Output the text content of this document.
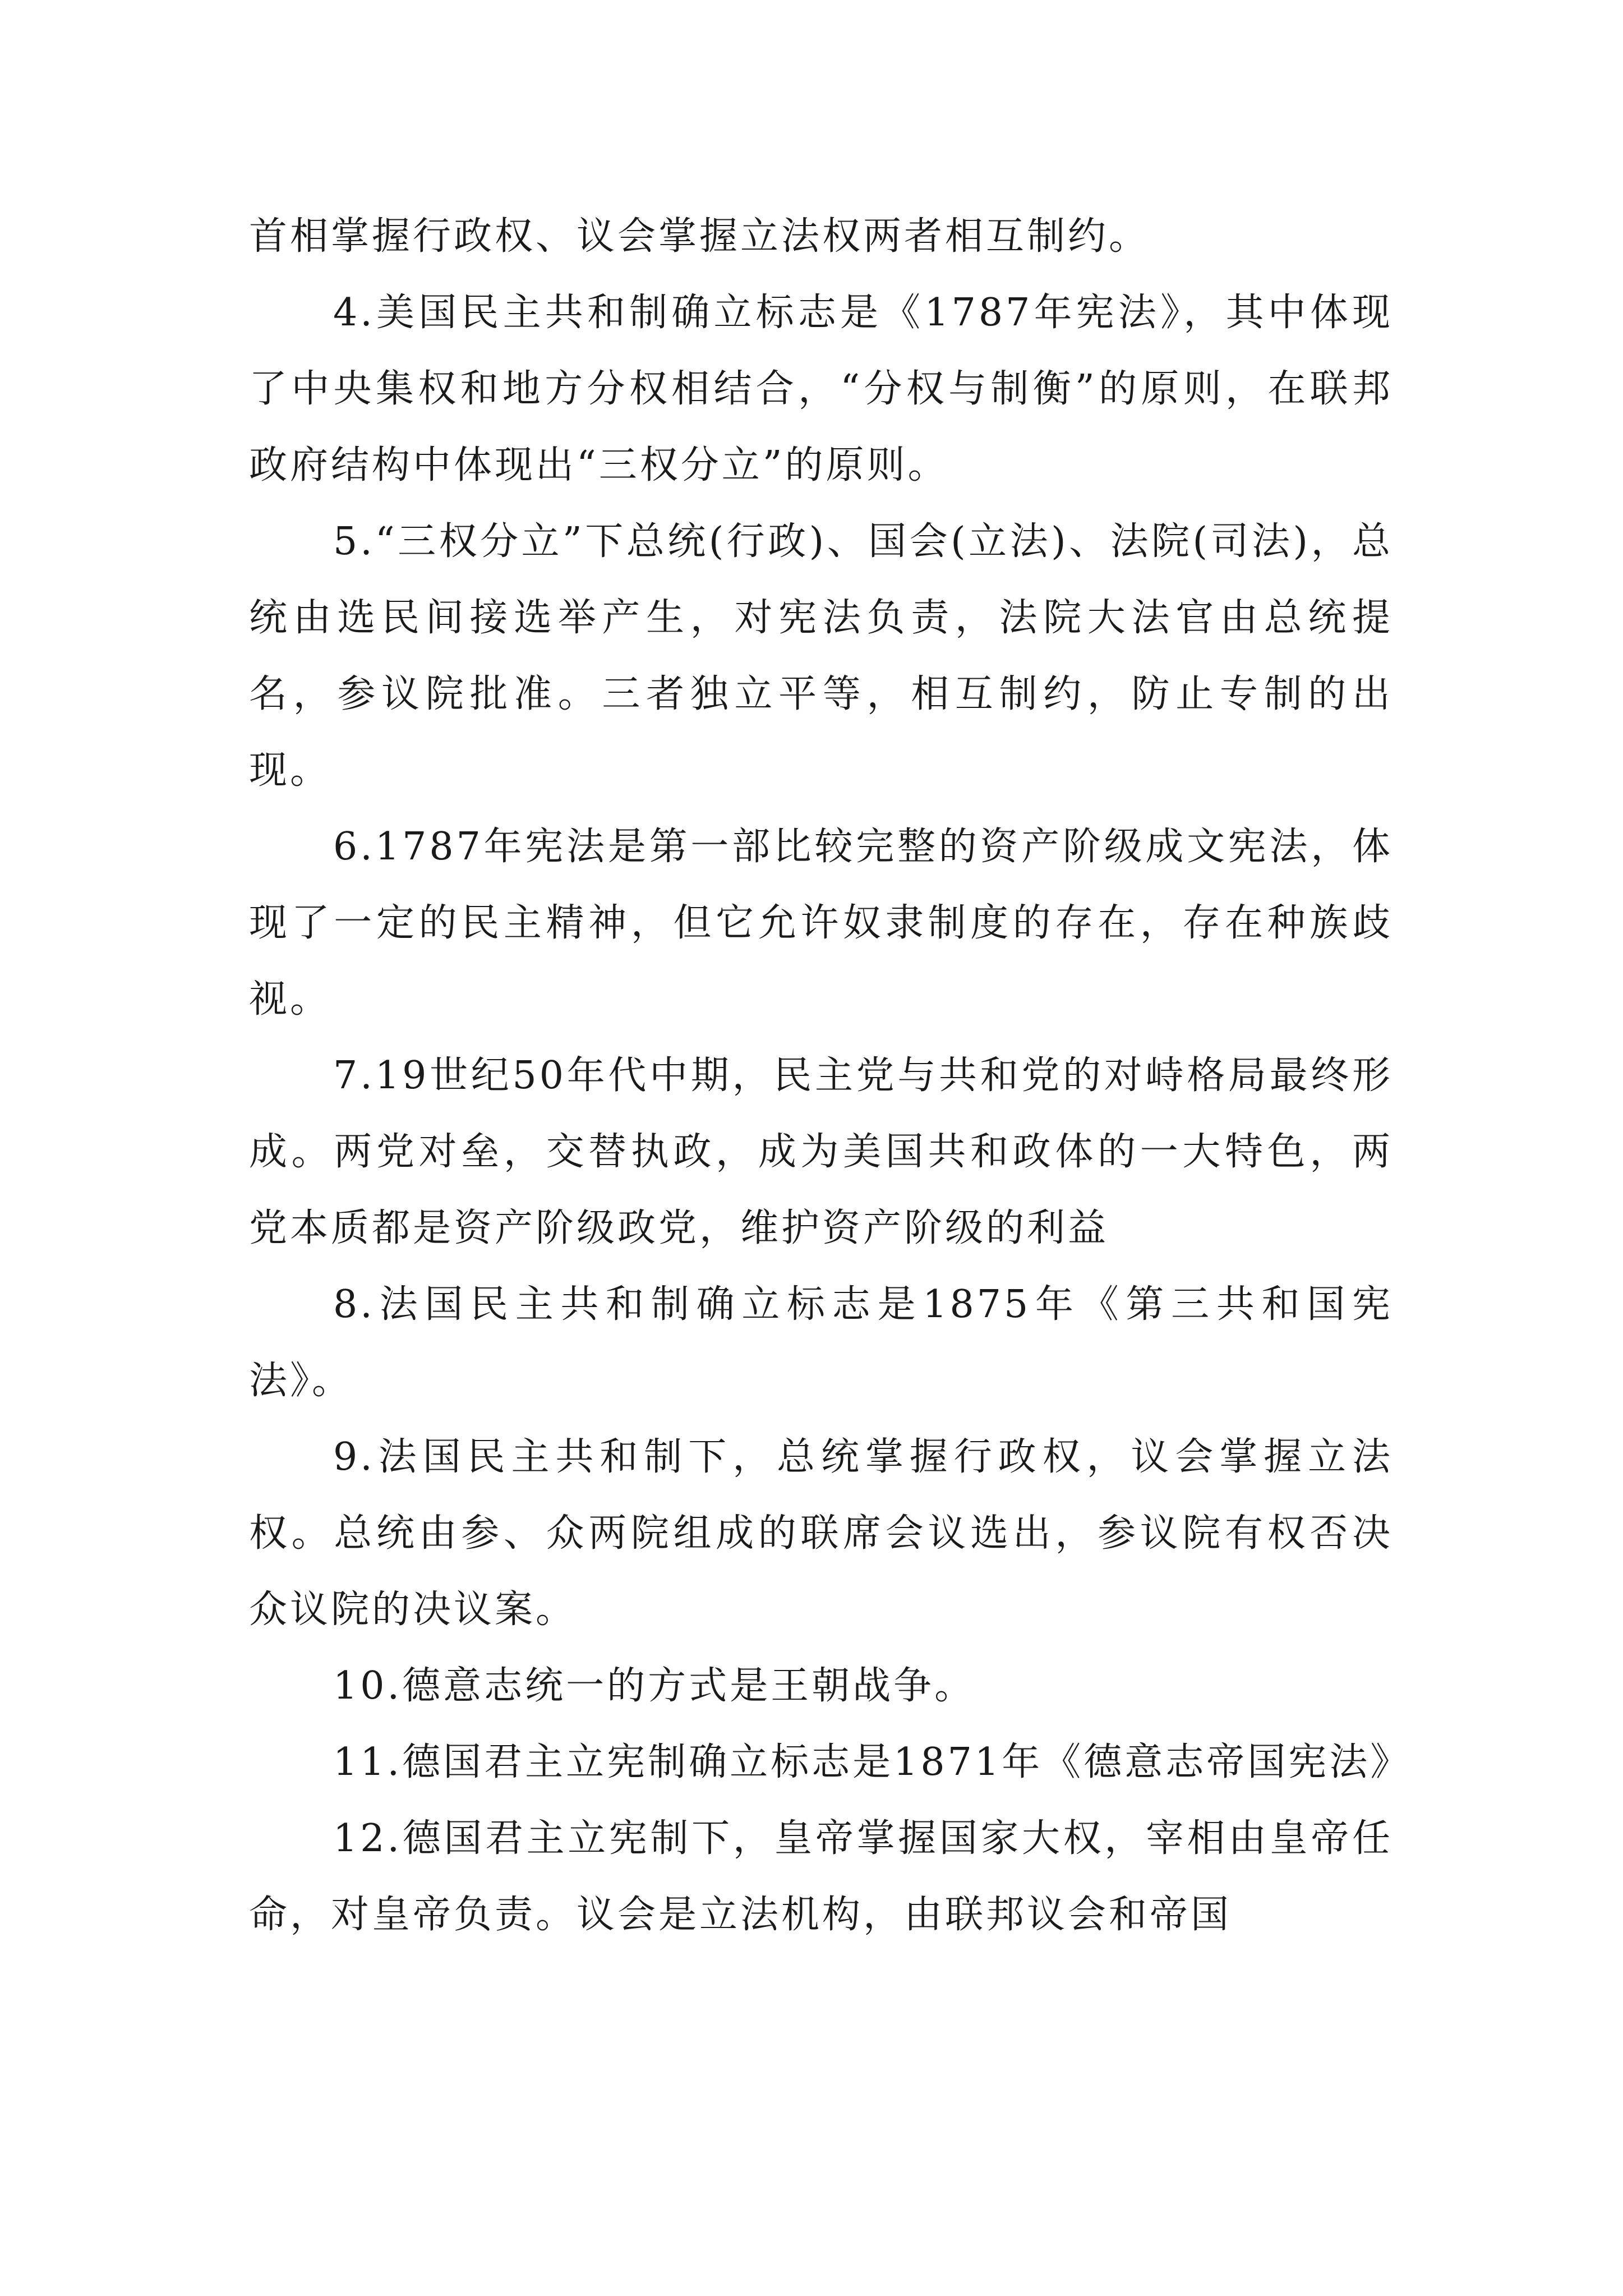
首相掌握行政权、议会掌握立法权两者相互制约。

4.美国民主共和制确立标志是《1787年宪法》，其中体现了中央集权和地方分权相结合，“分权与制衡”的原则，在联邦政府结构中体现出“三权分立”的原则。

5.“三权分立”下总统(行政)、国会(立法)、法院(司法)，总统由选民间接选举产生，对宪法负责，法院大法官由总统提名，参议院批准。三者独立平等，相互制约，防止专制的出现。

6.1787年宪法是第一部比较完整的资产阶级成文宪法，体现了一定的民主精神，但它允许奴隶制度的存在，存在种族歧视。

7.19世纪50年代中期，民主党与共和党的对峙格局最终形成。两党对垒，交替执政，成为美国共和政体的一大特色，两党本质都是资产阶级政党，维护资产阶级的利益

8.法国民主共和制确立标志是1875年《第三共和国宪法》。

9.法国民主共和制下，总统掌握行政权，议会掌握立法权。总统由参、众两院组成的联席会议选出，参议院有权否决众议院的决议案。

10.德意志统一的方式是王朝战争。

11.德国君主立宪制确立标志是1871年《德意志帝国宪法》

12.德国君主立宪制下，皇帝掌握国家大权，宰相由皇帝任命，对皇帝负责。议会是立法机构，由联邦议会和帝国
